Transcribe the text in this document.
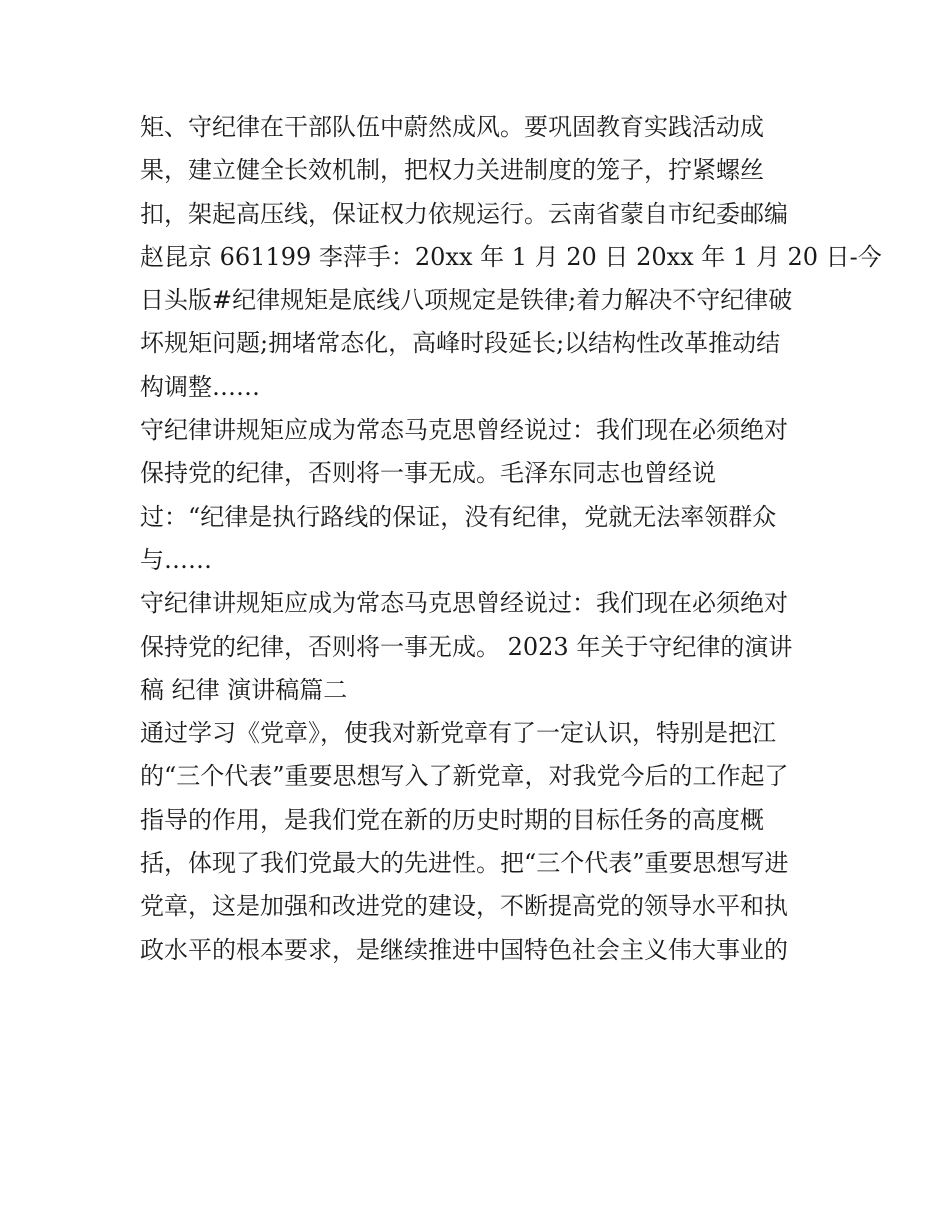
矩、守纪律在干部队伍中蔚然成风。要巩固教育实践活动成
果，建立健全长效机制，把权力关进制度的笼子，拧紧螺丝
扣，架起高压线，保证权力依规运行。云南省蒙自市纪委邮编
赵昆京 661199 李萍手：20xx 年 1 月 20 日 20xx 年 1 月 20 日-今
日头版#纪律规矩是底线八项规定是铁律;着力解决不守纪律破
坏规矩问题;拥堵常态化，高峰时段延长;以结构性改革推动结
构调整……
守纪律讲规矩应成为常态马克思曾经说过：我们现在必须绝对
保持党的纪律，否则将一事无成。毛泽东同志也曾经说
过：“纪律是执行路线的保证，没有纪律，党就无法率领群众
与……
守纪律讲规矩应成为常态马克思曾经说过：我们现在必须绝对
保持党的纪律，否则将一事无成。 2023 年关于守纪律的演讲
稿 纪律 演讲稿篇二
通过学习《党章》，使我对新党章有了一定认识，特别是把江
的“三个代表”重要思想写入了新党章，对我党今后的工作起了
指导的作用，是我们党在新的历史时期的目标任务的高度概
括，体现了我们党最大的先进性。把“三个代表”重要思想写进
党章，这是加强和改进党的建设，不断提高党的领导水平和执
政水平的根本要求，是继续推进中国特色社会主义伟大事业的
